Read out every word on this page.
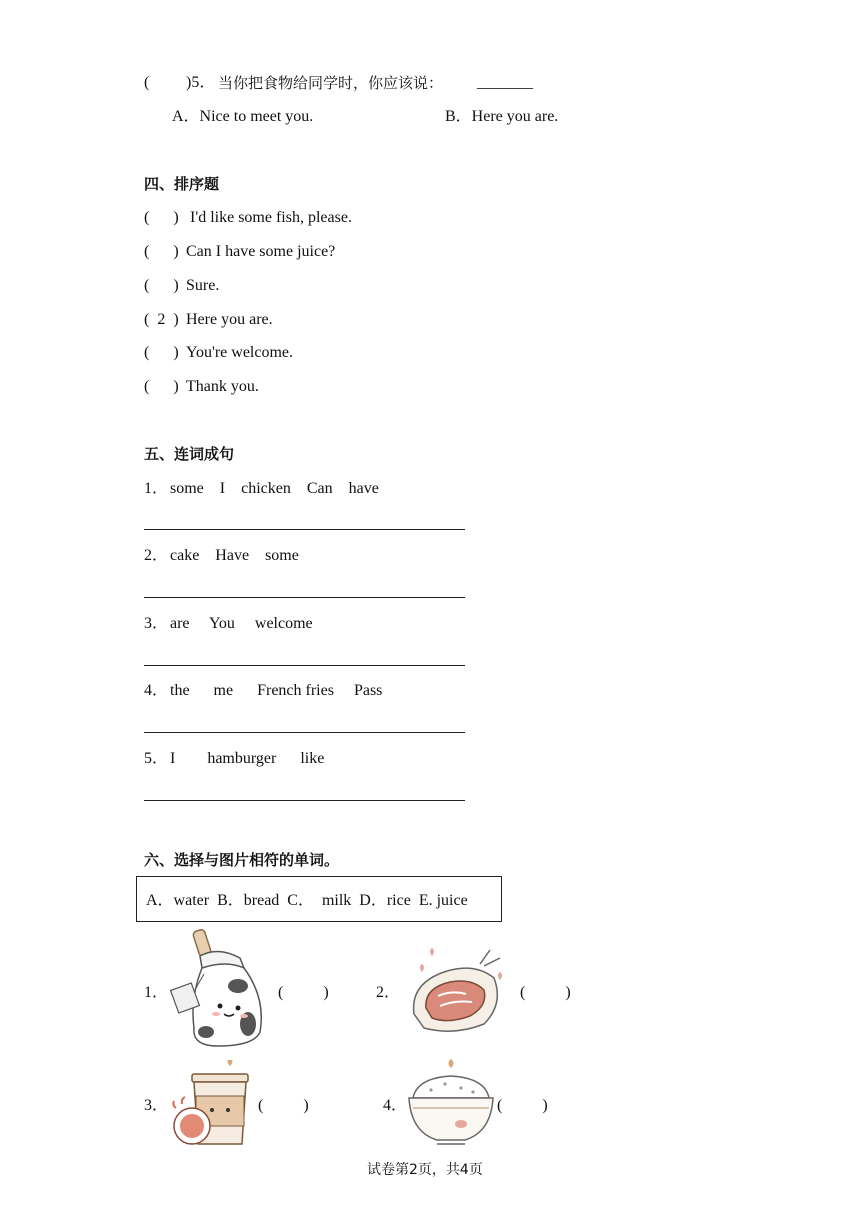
( )5． 当你把食物给同学时，你应该说： _______
A．Nice to meet you.	B．Here you are.
四、排序题
(      ) I'd like some fish, please.
(      ) Can I have some juice?
(      ) Sure.
(  2  ) Here you are.
(      ) You're welcome.
(      ) Thank you.
五、连词成句
1． some    I    chicken    Can    have
2． cake    Have    some
3． are     You     welcome
4． the      me      French fries     Pass
5． I        hamburger      like
六、选择与图片相符的单词。
A．water  B．bread  C．  milk  D．rice  E. juice
1．	(          )	2．	(          )
3．	(          )	4．	(          )
试卷第2页，共4页
